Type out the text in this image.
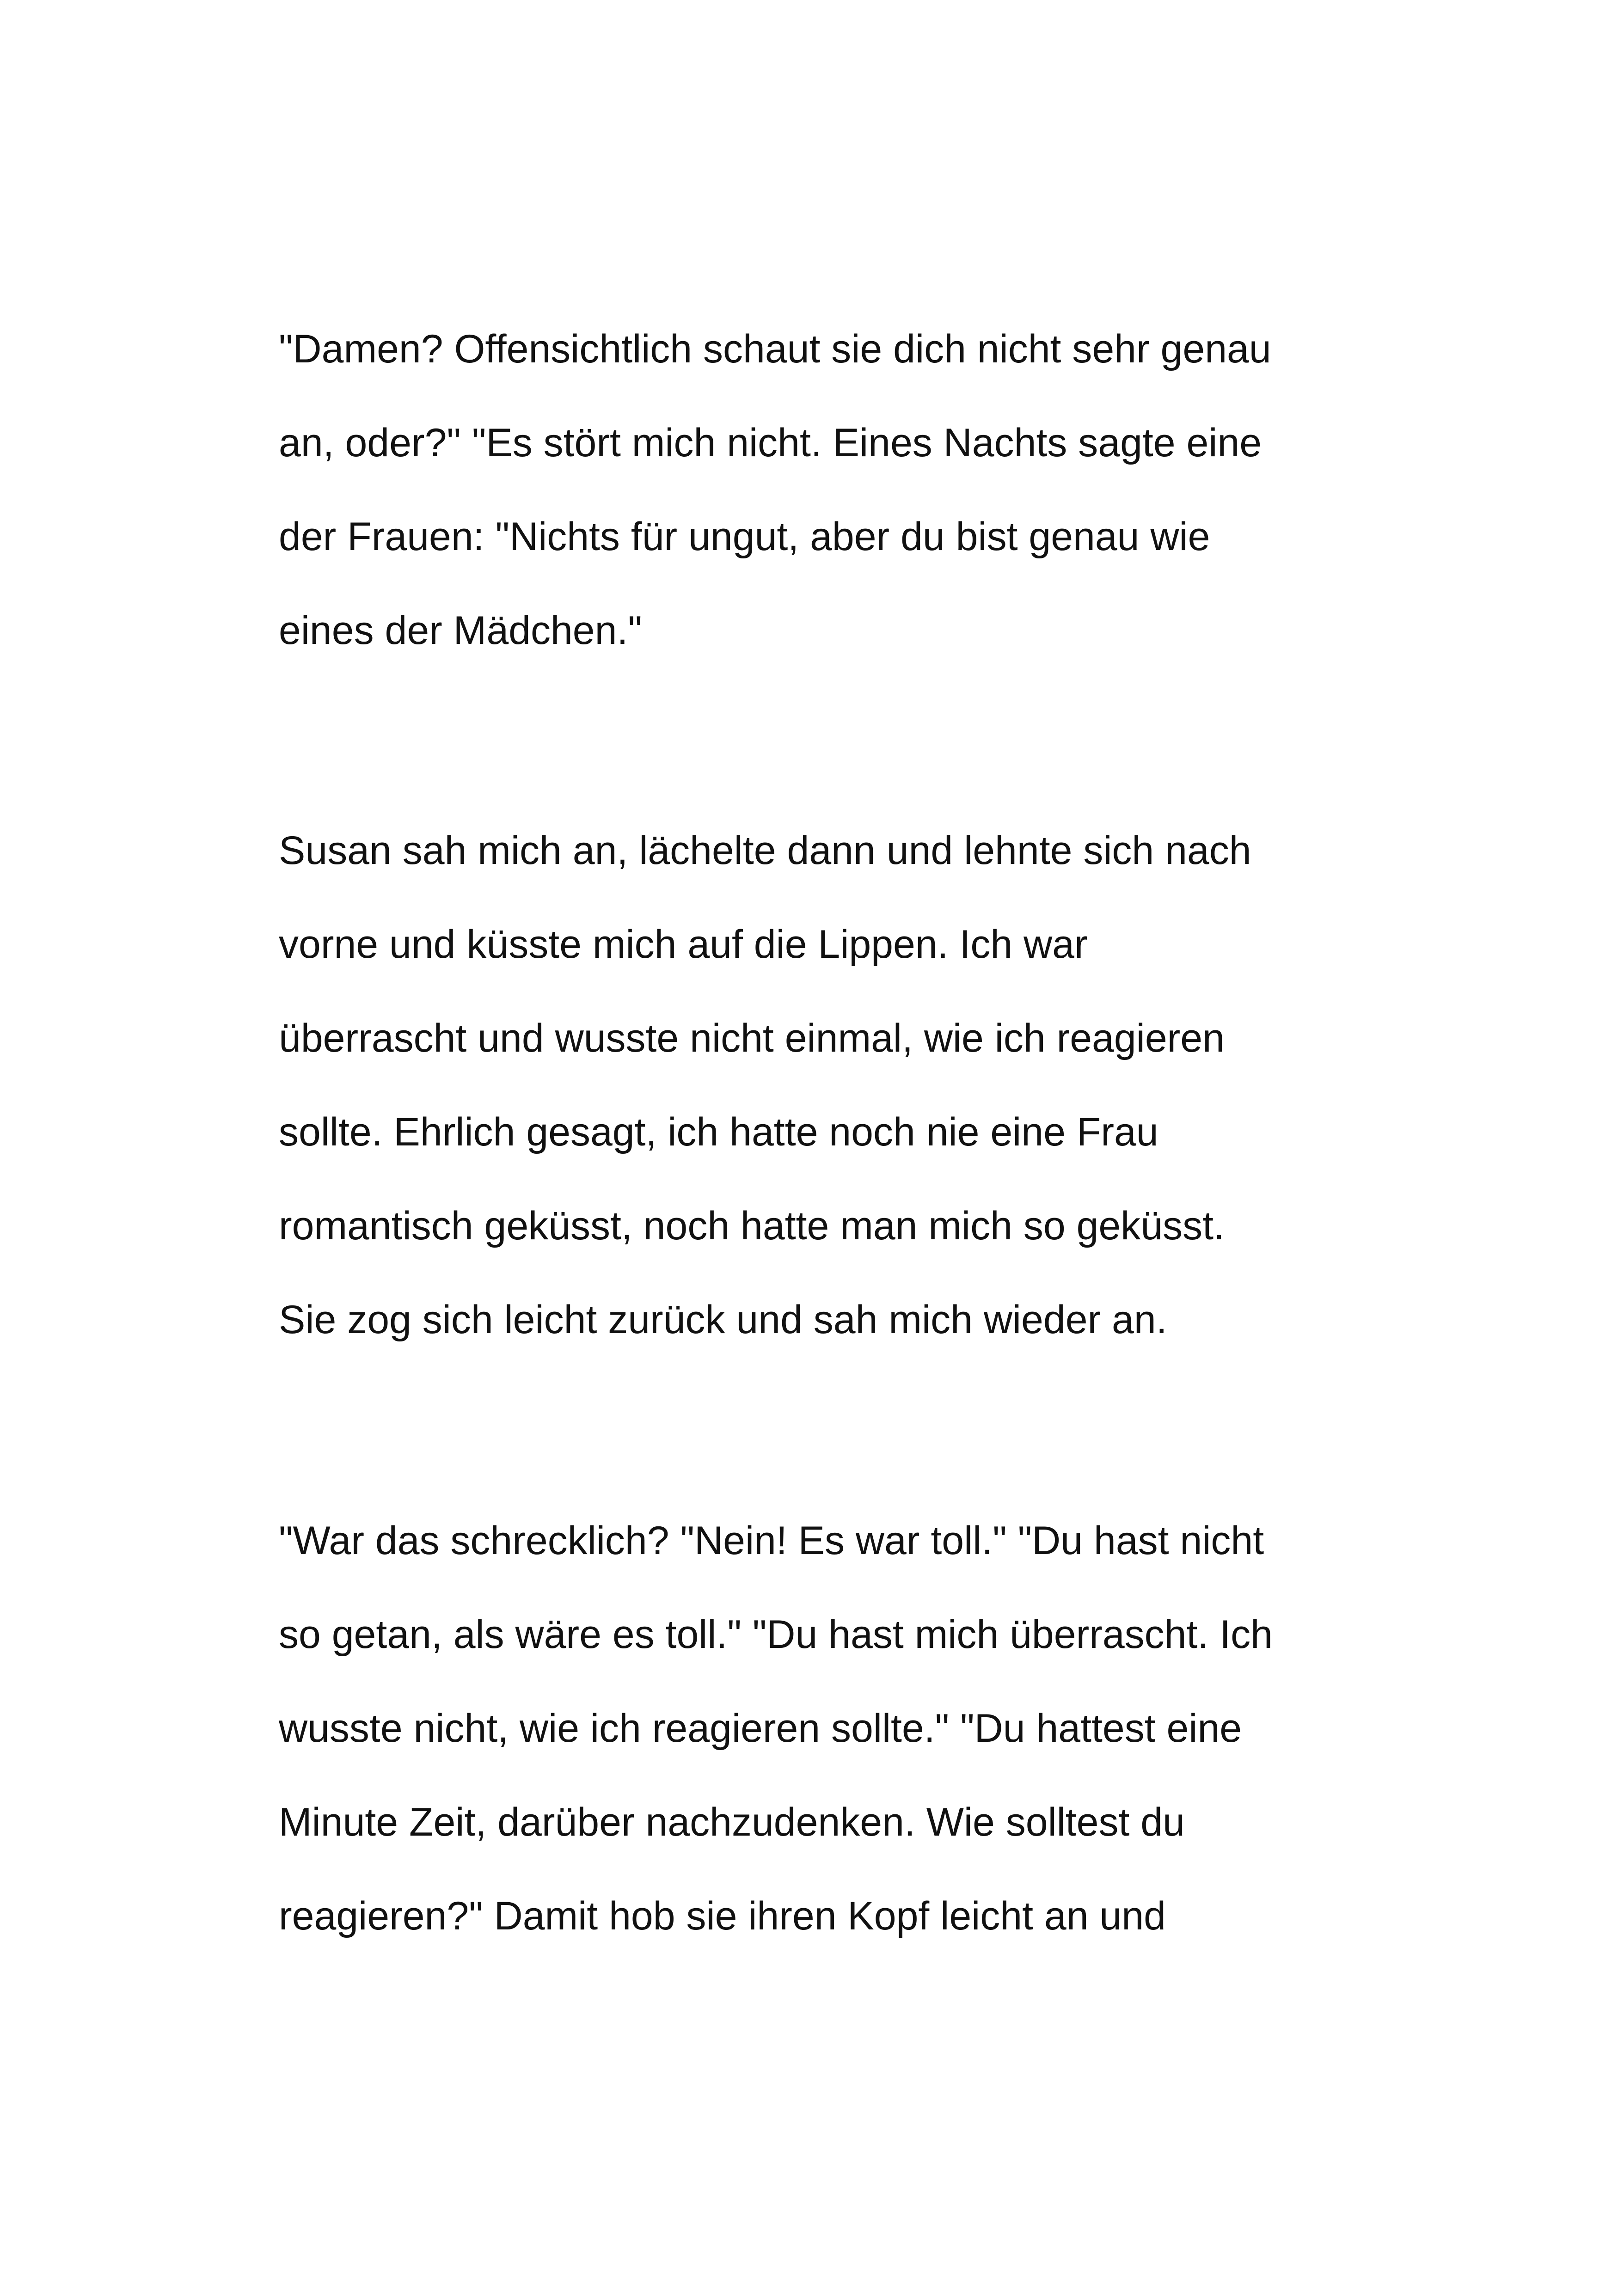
"Damen? Offensichtlich schaut sie dich nicht sehr genau
an, oder?" "Es stört mich nicht. Eines Nachts sagte eine
der Frauen: "Nichts für ungut, aber du bist genau wie
eines der Mädchen."

Susan sah mich an, lächelte dann und lehnte sich nach
vorne und küsste mich auf die Lippen. Ich war
überrascht und wusste nicht einmal, wie ich reagieren
sollte. Ehrlich gesagt, ich hatte noch nie eine Frau
romantisch geküsst, noch hatte man mich so geküsst.
Sie zog sich leicht zurück und sah mich wieder an.

"War das schrecklich? "Nein! Es war toll." "Du hast nicht
so getan, als wäre es toll." "Du hast mich überrascht. Ich
wusste nicht, wie ich reagieren sollte." "Du hattest eine
Minute Zeit, darüber nachzudenken. Wie solltest du
reagieren?" Damit hob sie ihren Kopf leicht an und
